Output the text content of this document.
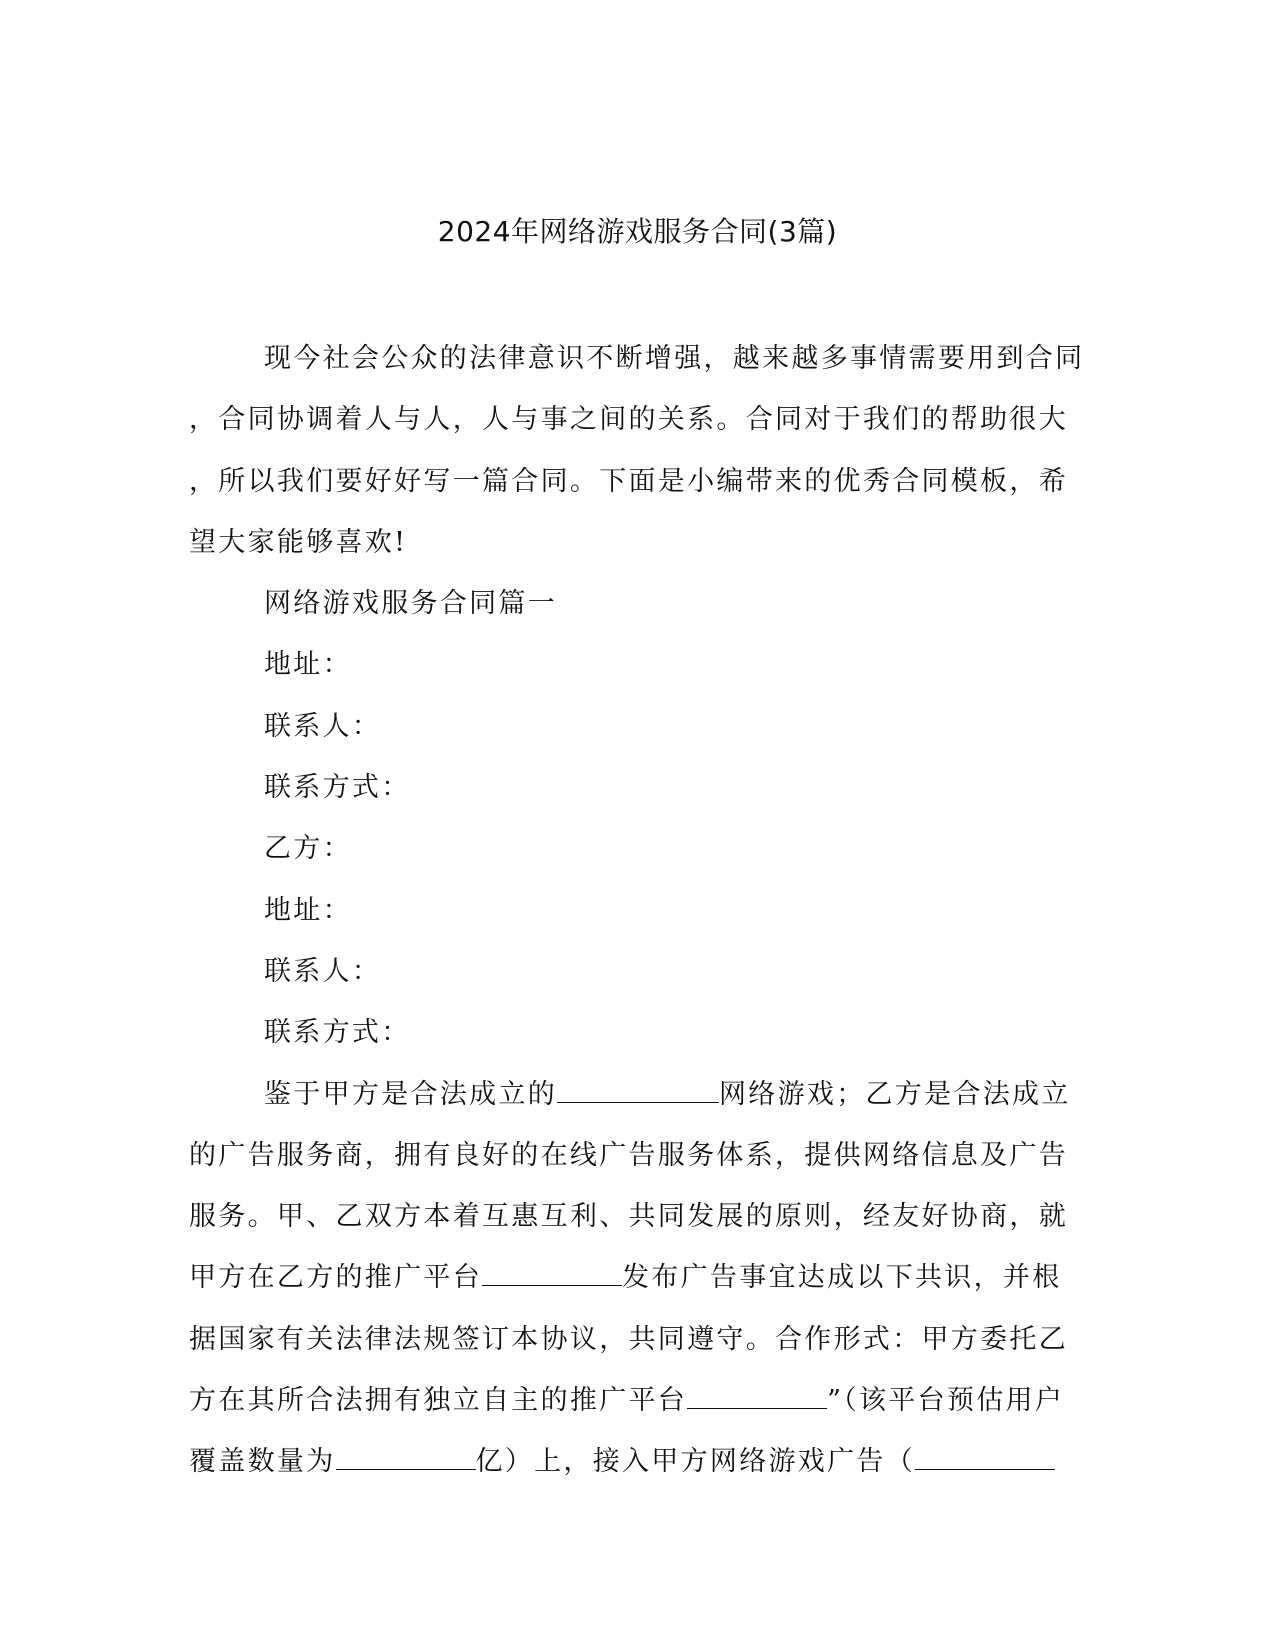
2024年网络游戏服务合同(3篇)
现今社会公众的法律意识不断增强，越来越多事情需要用到合同
，合同协调着人与人，人与事之间的关系。合同对于我们的帮助很大
，所以我们要好好写一篇合同。下面是小编带来的优秀合同模板，希
望大家能够喜欢!
网络游戏服务合同篇一
地址：
联系人：
联系方式：
乙方：
地址：
联系人：
联系方式：
鉴于甲方是合法成立的	网络游戏；乙方是合法成立
的广告服务商，拥有良好的在线广告服务体系，提供网络信息及广告
服务。甲、乙双方本着互惠互利、共同发展的原则，经友好协商，就
甲方在乙方的推广平台	发布广告事宜达成以下共识，并根
据国家有关法律法规签订本协议，共同遵守。合作形式：甲方委托乙
方在其所合法拥有独立自主的推广平台	”（该平台预估用户
覆盖数量为	亿）上，接入甲方网络游戏广告（
